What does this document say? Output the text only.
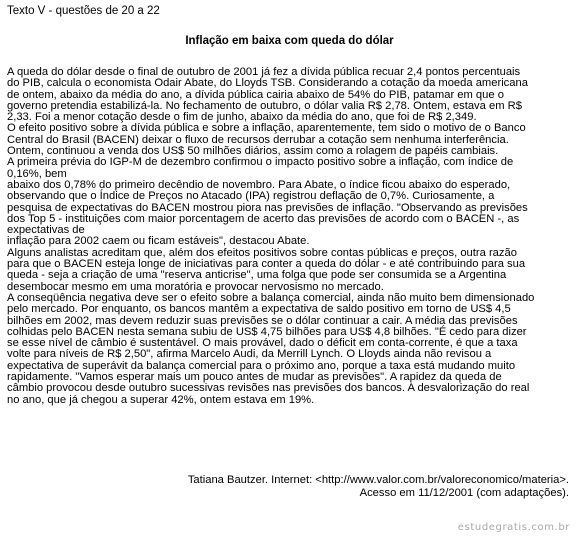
Texto V - questões de 20 a 22
Inflação em baixa com queda do dólar
A queda do dólar desde o final de outubro de 2001 já fez a dívida pública recuar 2,4 pontos percentuais
do PIB, calcula o economista Odair Abate, do Lloyds TSB. Considerando a cotação da moeda americana
de ontem, abaixo da média do ano, a dívida pública cairia abaixo de 54% do PIB, patamar em que o
governo pretendia estabilizá-la. No fechamento de outubro, o dólar valia R$ 2,78. Ontem, estava em R$
2,33. Foi a menor cotação desde o fim de junho, abaixo da média do ano, que foi de R$ 2,349.
O efeito positivo sobre a dívida pública e sobre a inflação, aparentemente, tem sido o motivo de o Banco
Central do Brasil (BACEN) deixar o fluxo de recursos derrubar a cotação sem nenhuma interferência.
Ontem, continuou a venda dos US$ 50 milhões diários, assim como a rolagem de papéis cambiais.
A primeira prévia do IGP-M de dezembro confirmou o impacto positivo sobre a inflação, com índice de
0,16%, bem
abaixo dos 0,78% do primeiro decêndio de novembro. Para Abate, o índice ficou abaixo do esperado,
observando que o Índice de Preços no Atacado (IPA) registrou deflação de 0,7%. Curiosamente, a
pesquisa de expectativas do BACEN mostrou piora nas previsões de inflação. "Observando as previsões
dos Top 5 - instituições com maior porcentagem de acerto das previsões de acordo com o BACEN -, as
expectativas de
inflação para 2002 caem ou ficam estáveis", destacou Abate.
Alguns analistas acreditam que, além dos efeitos positivos sobre contas públicas e preços, outra razão
para que o BACEN esteja longe de iniciativas para conter a queda do dólar - e até contribuindo para sua
queda - seja a criação de uma "reserva anticrise", uma folga que pode ser consumida se a Argentina
desembocar mesmo em uma moratória e provocar nervosismo no mercado.
A conseqüência negativa deve ser o efeito sobre a balança comercial, ainda não muito bem dimensionado
pelo mercado. Por enquanto, os bancos mantêm a expectativa de saldo positivo em torno de US$ 4,5
bilhões em 2002, mas devem reduzir suas previsões se o dólar continuar a cair. A média das previsões
colhidas pelo BACEN nesta semana subiu de US$ 4,75 bilhões para US$ 4,8 bilhões. "É cedo para dizer
se esse nível de câmbio é sustentável. O mais provável, dado o déficit em conta-corrente, é que a taxa
volte para níveis de R$ 2,50", afirma Marcelo Audi, da Merrill Lynch. O Lloyds ainda não revisou a
expectativa de superávit da balança comercial para o próximo ano, porque a taxa está mudando muito
rapidamente. "Vamos esperar mais um pouco antes de mudar as previsões". A rapidez da queda de
câmbio provocou desde outubro sucessivas revisões nas previsões dos bancos. A desvalorização do real
no ano, que já chegou a superar 42%, ontem estava em 19%.
Tatiana Bautzer. Internet: <http://www.valor.com.br/valoreconomico/materia>.
Acesso em 11/12/2001 (com adaptações).
estudegratis.com.br
